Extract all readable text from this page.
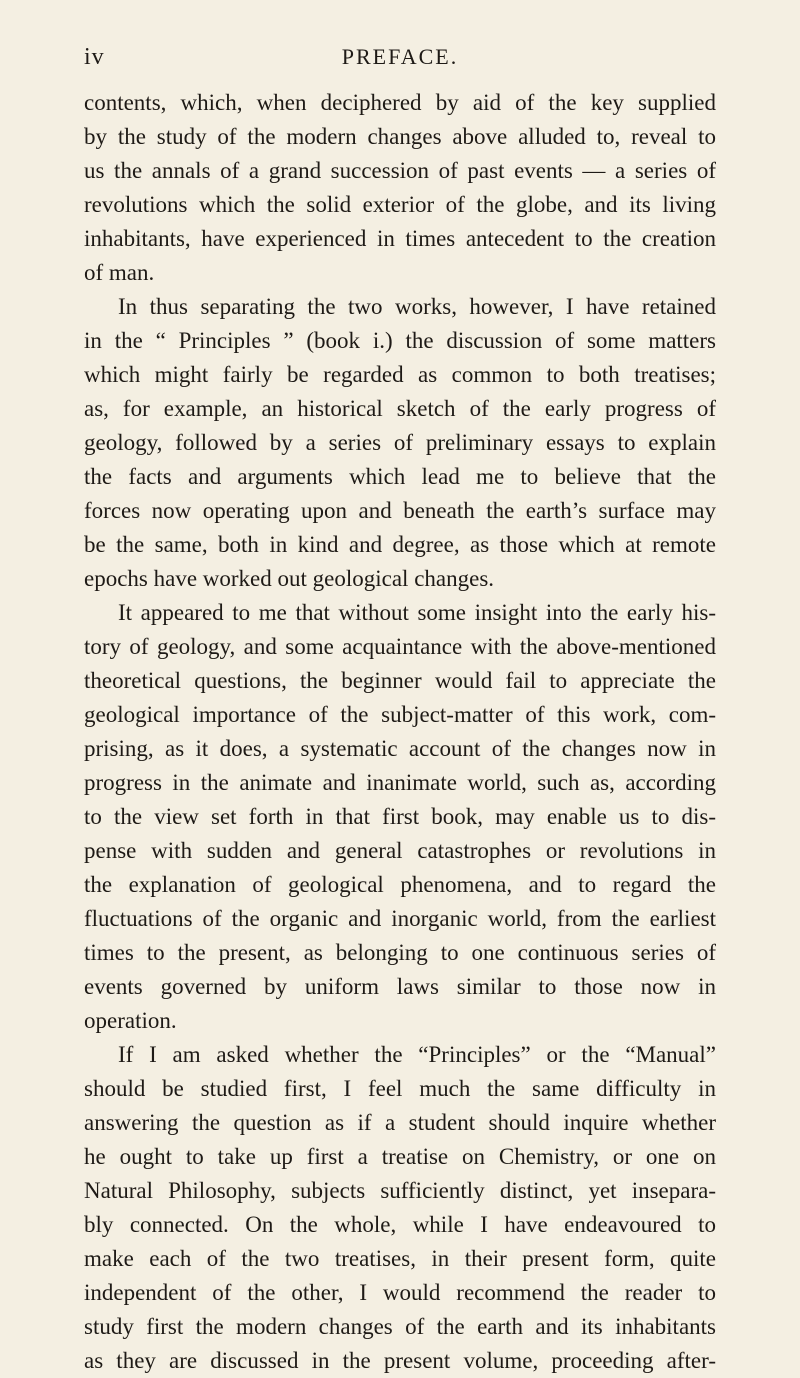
iv	PREFACE.
contents, which, when deciphered by aid of the key supplied
by the study of the modern changes above alluded to, reveal to
us the annals of a grand succession of past events — a series of
revolutions which the solid exterior of the globe, and its living
inhabitants, have experienced in times antecedent to the creation
of man.
In thus separating the two works, however, I have retained
in the “ Principles ” (book i.) the discussion of some matters
which might fairly be regarded as common to both treatises;
as, for example, an historical sketch of the early progress of
geology, followed by a series of preliminary essays to explain
the facts and arguments which lead me to believe that the
forces now operating upon and beneath the earth’s surface may
be the same, both in kind and degree, as those which at remote
epochs have worked out geological changes.
It appeared to me that without some insight into the early his-
tory of geology, and some acquaintance with the above-mentioned
theoretical questions, the beginner would fail to appreciate the
geological importance of the subject-matter of this work, com-
prising, as it does, a systematic account of the changes now in
progress in the animate and inanimate world, such as, according
to the view set forth in that first book, may enable us to dis-
pense with sudden and general catastrophes or revolutions in
the explanation of geological phenomena, and to regard the
fluctuations of the organic and inorganic world, from the earliest
times to the present, as belonging to one continuous series of
events governed by uniform laws similar to those now in
operation.
If I am asked whether the “Principles” or the “Manual”
should be studied first, I feel much the same difficulty in
answering the question as if a student should inquire whether
he ought to take up first a treatise on Chemistry, or one on
Natural Philosophy, subjects sufficiently distinct, yet insepara-
bly connected. On the whole, while I have endeavoured to
make each of the two treatises, in their present form, quite
independent of the other, I would recommend the reader to
study first the modern changes of the earth and its inhabitants
as they are discussed in the present volume, proceeding after-
